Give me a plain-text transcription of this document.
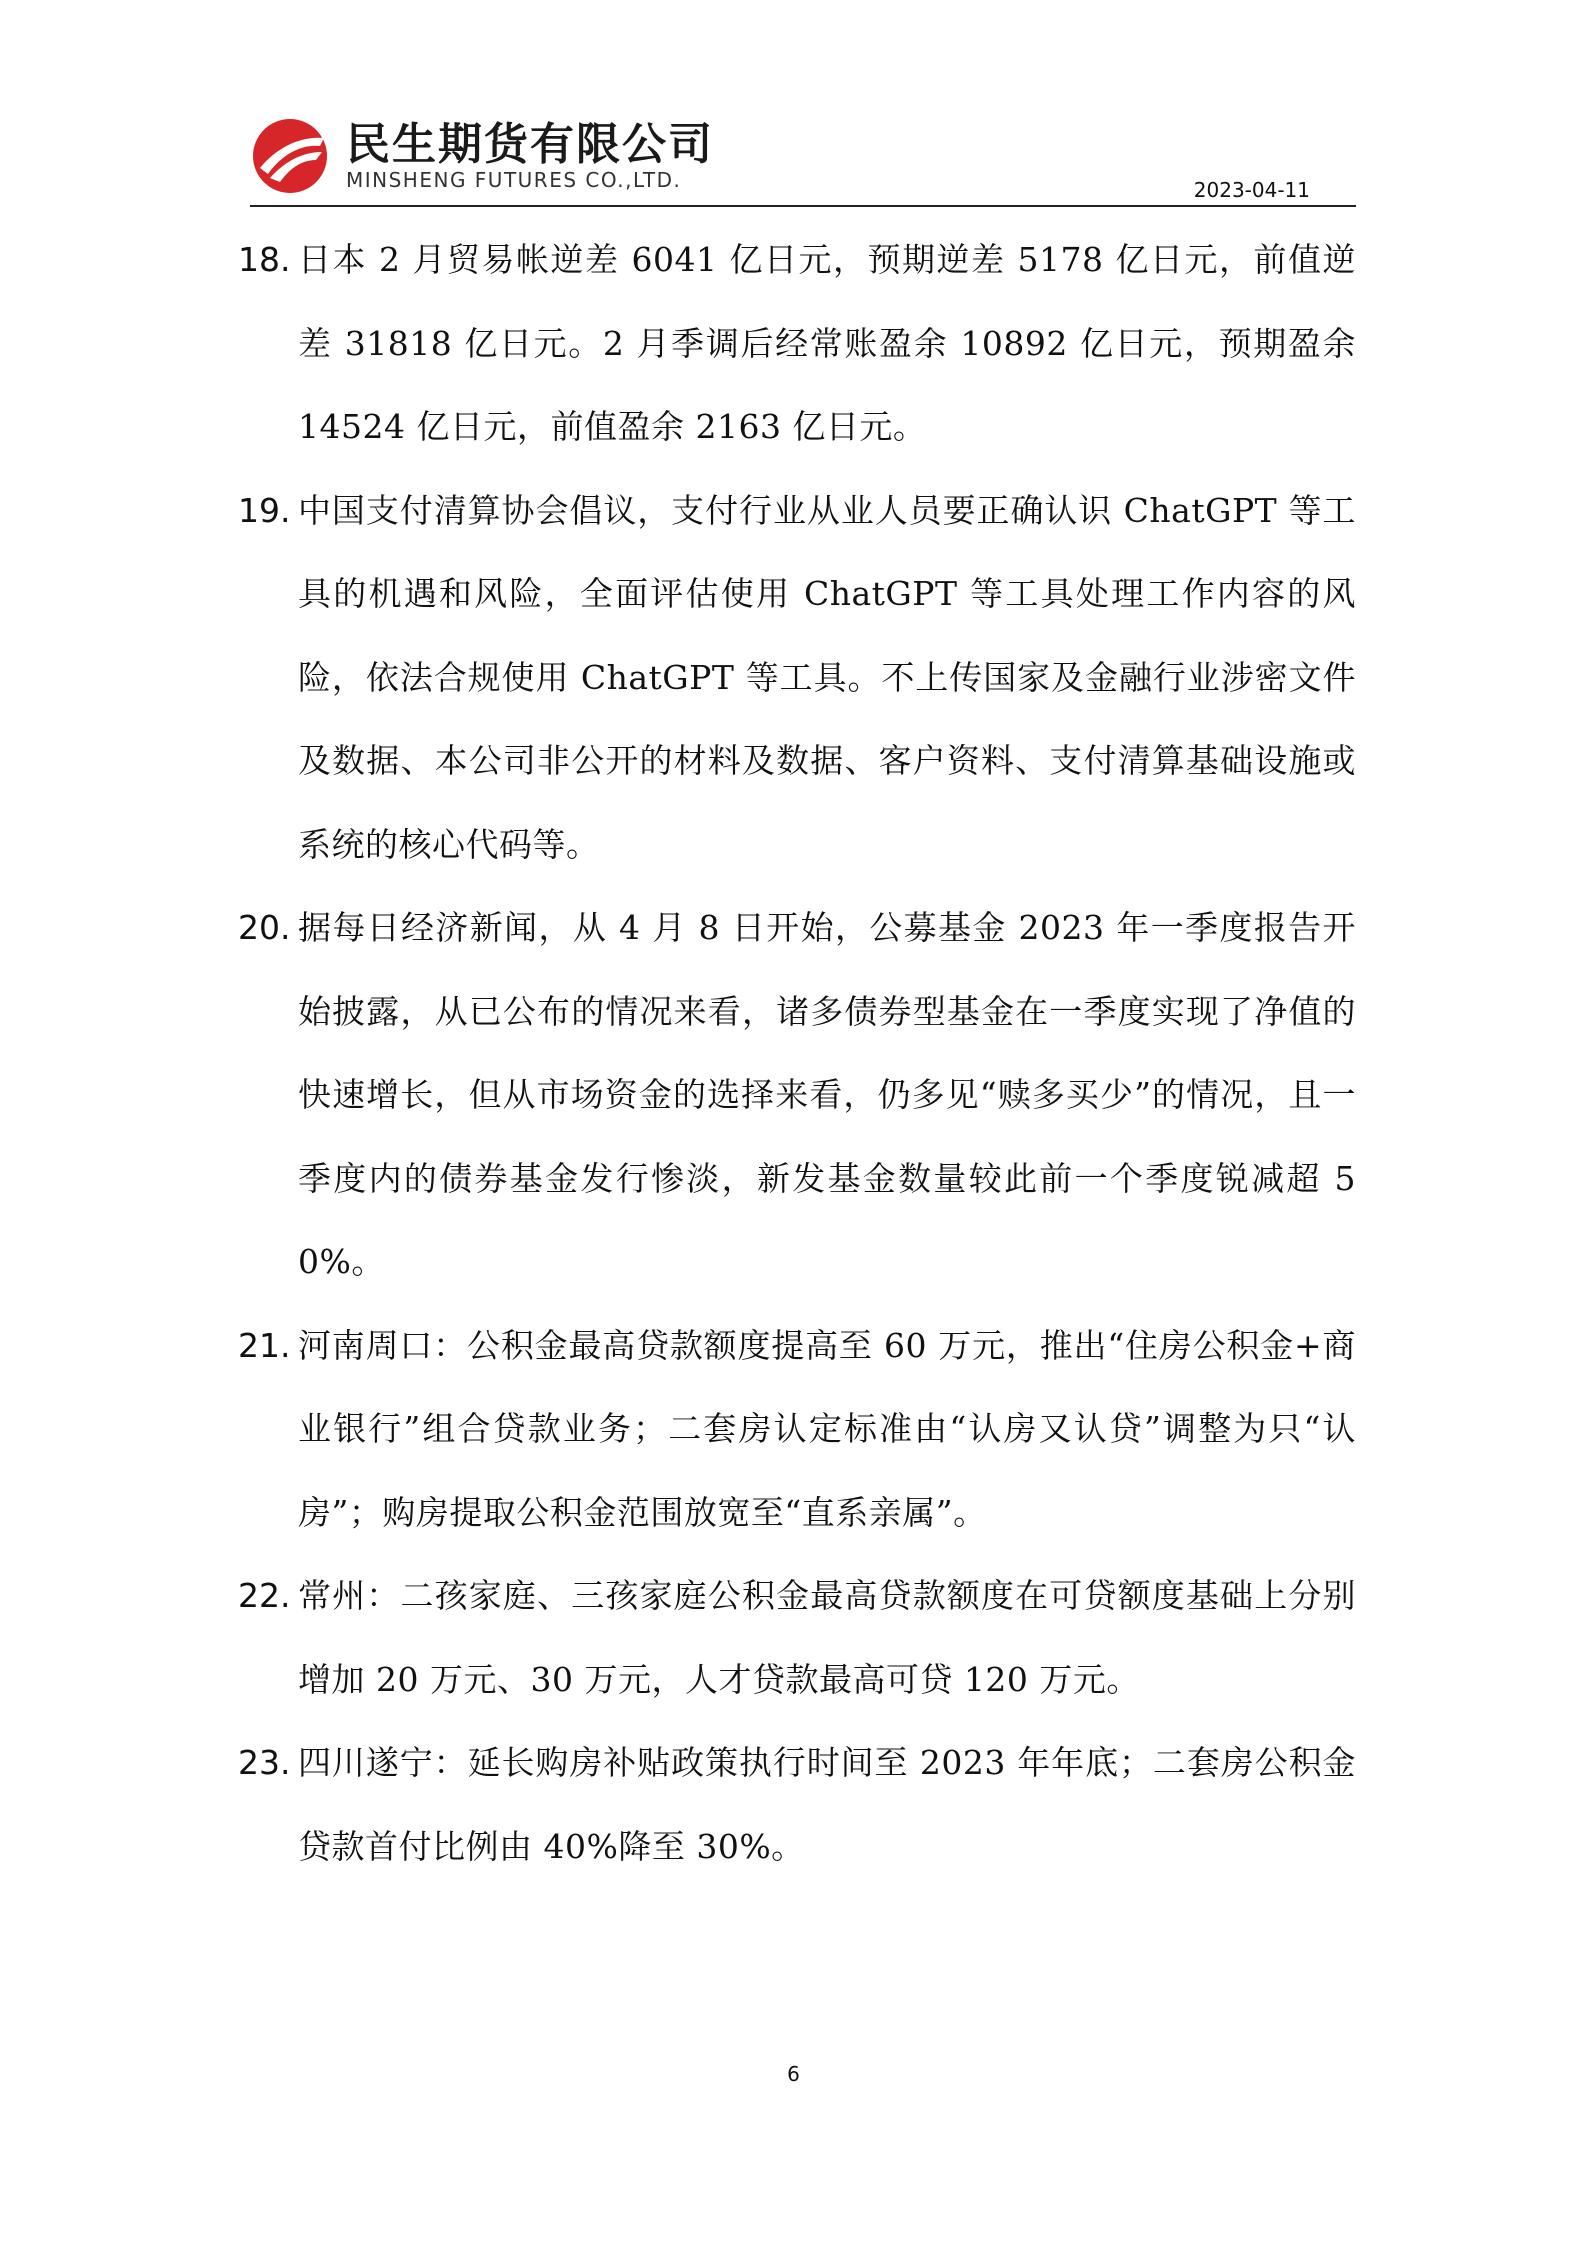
民生期货有限公司
MINSHENG FUTURES CO.,LTD.	2023-04-11
18. 日本 2 月贸易帐逆差 6041 亿日元，预期逆差 5178 亿日元，前值逆差 31818 亿日元。2 月季调后经常账盈余 10892 亿日元，预期盈余 14524 亿日元，前值盈余 2163 亿日元。
19. 中国支付清算协会倡议，支付行业从业人员要正确认识 ChatGPT 等工具的机遇和风险，全面评估使用 ChatGPT 等工具处理工作内容的风险，依法合规使用 ChatGPT 等工具。不上传国家及金融行业涉密文件及数据、本公司非公开的材料及数据、客户资料、支付清算基础设施或系统的核心代码等。
20. 据每日经济新闻，从 4 月 8 日开始，公募基金 2023 年一季度报告开始披露，从已公布的情况来看，诸多债券型基金在一季度实现了净值的快速增长，但从市场资金的选择来看，仍多见“赎多买少”的情况，且一季度内的债券基金发行惨淡，新发基金数量较此前一个季度锐减超 50%。
21. 河南周口：公积金最高贷款额度提高至 60 万元，推出“住房公积金+商业银行”组合贷款业务；二套房认定标准由“认房又认贷”调整为只“认房”；购房提取公积金范围放宽至“直系亲属”。
22. 常州：二孩家庭、三孩家庭公积金最高贷款额度在可贷额度基础上分别增加 20 万元、30 万元，人才贷款最高可贷 120 万元。
23. 四川遂宁：延长购房补贴政策执行时间至 2023 年年底；二套房公积金贷款首付比例由 40%降至 30%。
6
